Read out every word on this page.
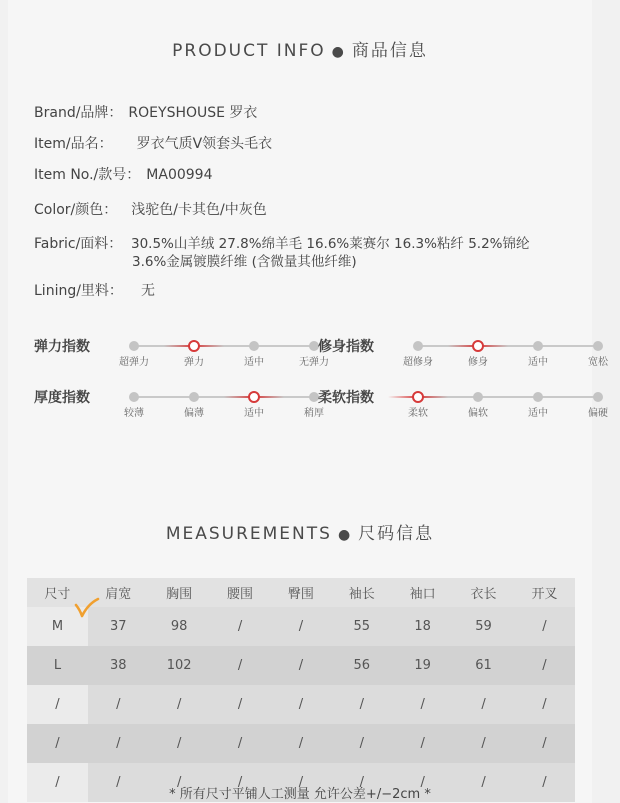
PRODUCT INFO ● 商品信息
Brand/品牌： ROEYSHOUSE 罗衣
Item/品名： 罗衣气质V领套头毛衣
Item No./款号： MA00994
Color/颜色： 浅驼色/卡其色/中灰色
Fabric/面料： 30.5%山羊绒 27.8%绵羊毛 16.6%莱赛尔 16.3%粘纤 5.2%锦纶
3.6%金属镀膜纤维 (含微量其他纤维)
Lining/里料： 无
弹力指数
超弹力	弹力	适中	无弹力
修身指数
超修身	修身	适中	宽松
厚度指数
较薄	偏薄	适中	稍厚
柔软指数
柔软	偏软	适中	偏硬
MEASUREMENTS ● 尺码信息
尺寸	肩宽	胸围	腰围	臀围	袖长	袖口	衣长	开叉
M	37	98	/	/	55	18	59	/
L	38	102	/	/	56	19	61	/
/	/	/	/	/	/	/	/	/
/	/	/	/	/	/	/	/	/
/	/	/	/	/	/	/	/	/
* 所有尺寸平铺人工测量 允许公差+/−2cm *
